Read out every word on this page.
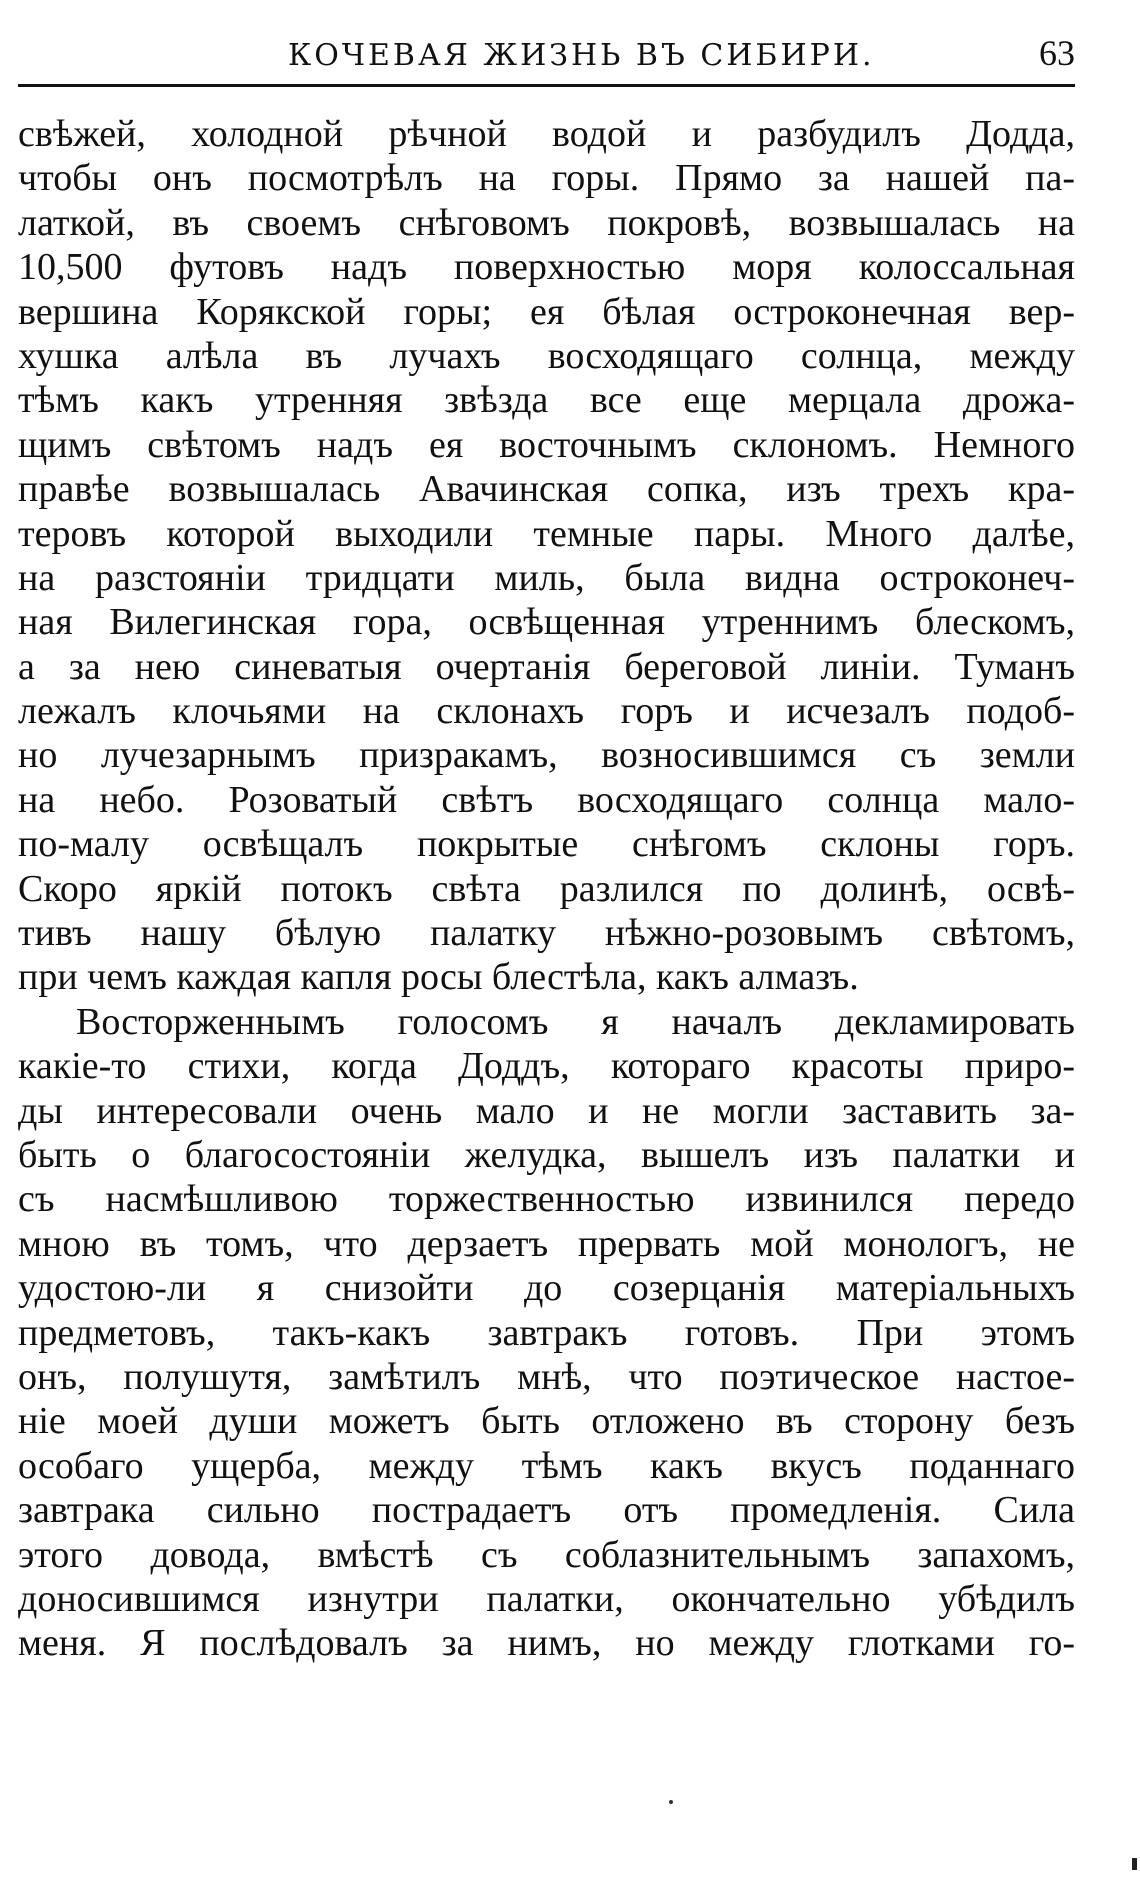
КОЧЕВАЯ ЖИЗНЬ ВЪ СИБИРИ.	63
свѣжей, холодной рѣчной водой и разбудилъ Додда,
чтобы онъ посмотрѣлъ на горы. Прямо за нашей па-
латкой, въ своемъ снѣговомъ покровѣ, возвышалась на
10,500 футовъ надъ поверхностью моря колоссальная
вершина Корякской горы; ея бѣлая остроконечная вер-
хушка алѣла въ лучахъ восходящаго солнца, между
тѣмъ какъ утренняя звѣзда все еще мерцала дрожа-
щимъ свѣтомъ надъ ея восточнымъ склономъ. Немного
правѣе возвышалась Авачинская сопка, изъ трехъ кра-
теровъ которой выходили темные пары. Много далѣе,
на разстояніи тридцати миль, была видна остроконеч-
ная Вилегинская гора, освѣщенная утреннимъ блескомъ,
а за нею синеватыя очертанія береговой линіи. Туманъ
лежалъ клочьями на склонахъ горъ и исчезалъ подоб-
но лучезарнымъ призракамъ, возносившимся съ земли
на небо. Розоватый свѣтъ восходящаго солнца мало-
по-малу освѣщалъ покрытые снѣгомъ склоны горъ.
Скоро яркій потокъ свѣта разлился по долинѣ, освѣ-
тивъ нашу бѣлую палатку нѣжно-розовымъ свѣтомъ,
при чемъ каждая капля росы блестѣла, какъ алмазъ.
Восторженнымъ голосомъ я началъ декламировать
какіе-то стихи, когда Доддъ, котораго красоты приро-
ды интересовали очень мало и не могли заставить за-
быть о благосостояніи желудка, вышелъ изъ палатки и
съ насмѣшливою торжественностью извинился передо
мною въ томъ, что дерзаетъ прервать мой монологъ, не
удостою-ли я снизойти до созерцанія матеріальныхъ
предметовъ, такъ-какъ завтракъ готовъ. При этомъ
онъ, полушутя, замѣтилъ мнѣ, что поэтическое настое-
ніе моей души можетъ быть отложено въ сторону безъ
особаго ущерба, между тѣмъ какъ вкусъ поданнаго
завтрака сильно пострадаетъ отъ промедленія. Сила
этого довода, вмѣстѣ съ соблазнительнымъ запахомъ,
доносившимся изнутри палатки, окончательно убѣдилъ
меня. Я послѣдовалъ за нимъ, но между глотками го-
